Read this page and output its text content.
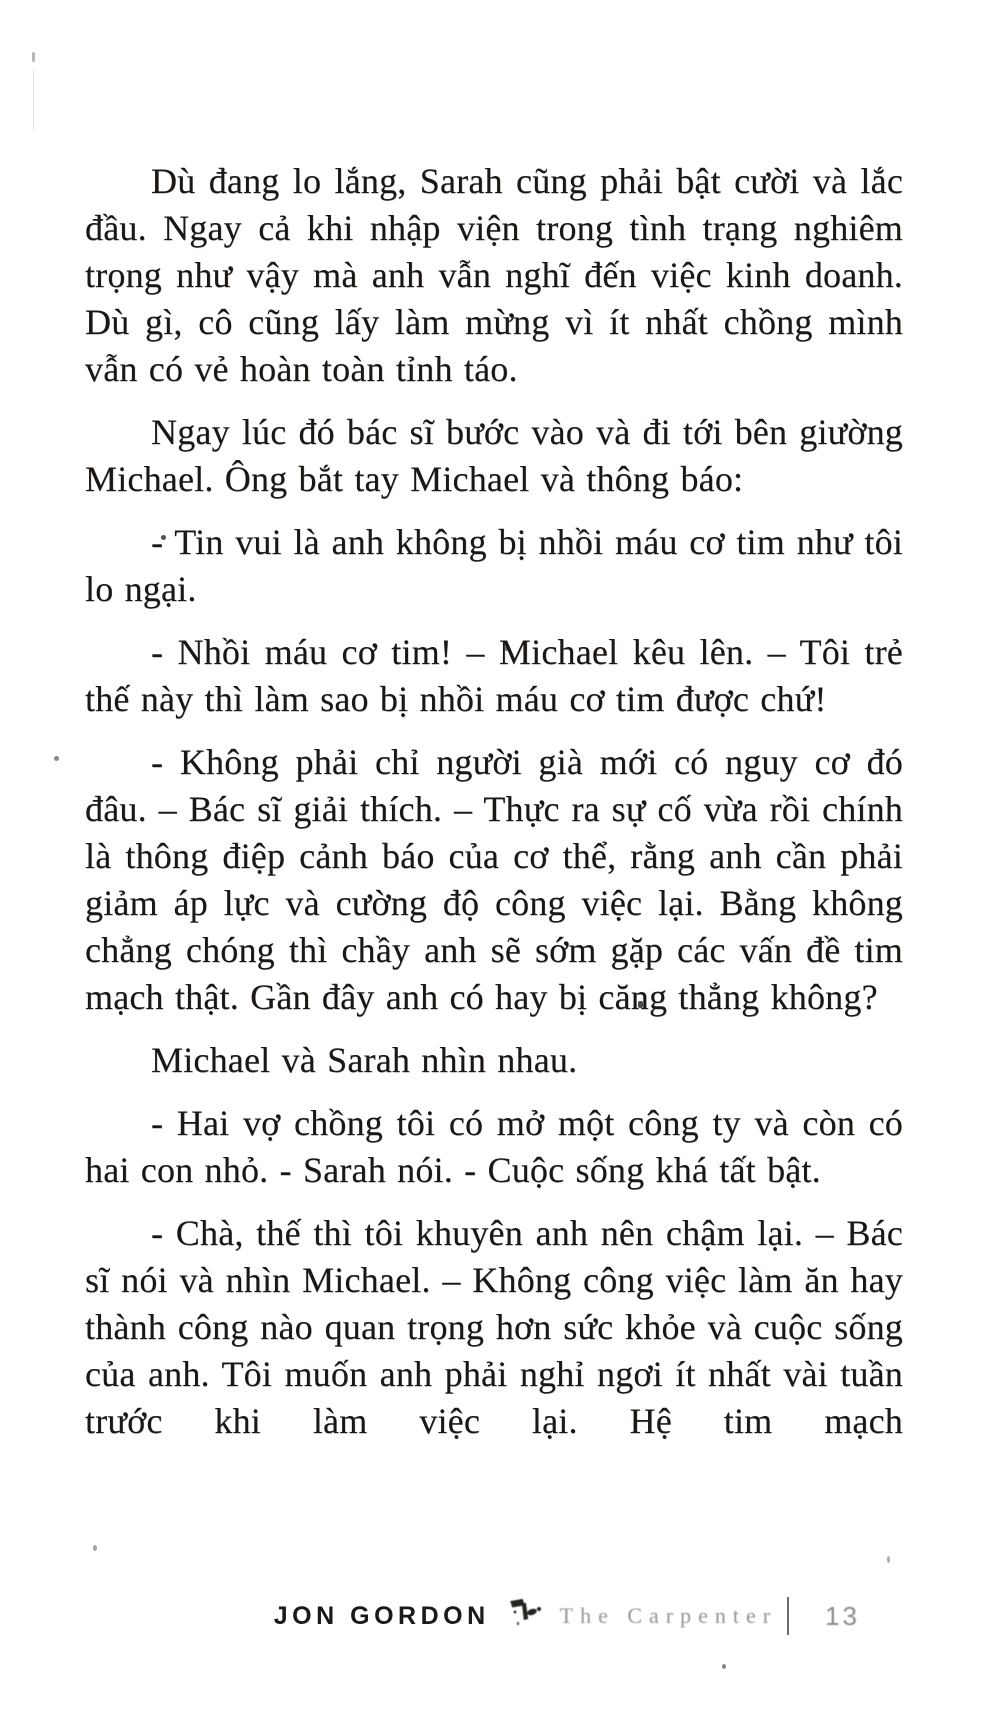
Dù đang lo lắng, Sarah cũng phải bật cười và lắc đầu. Ngay cả khi nhập viện trong tình trạng nghiêm trọng như vậy mà anh vẫn nghĩ đến việc kinh doanh. Dù gì, cô cũng lấy làm mừng vì ít nhất chồng mình vẫn có vẻ hoàn toàn tỉnh táo.

Ngay lúc đó bác sĩ bước vào và đi tới bên giường Michael. Ông bắt tay Michael và thông báo:

- Tin vui là anh không bị nhồi máu cơ tim như tôi lo ngại.

- Nhồi máu cơ tim! – Michael kêu lên. – Tôi trẻ thế này thì làm sao bị nhồi máu cơ tim được chứ!

- Không phải chỉ người già mới có nguy cơ đó đâu. – Bác sĩ giải thích. – Thực ra sự cố vừa rồi chính là thông điệp cảnh báo của cơ thể, rằng anh cần phải giảm áp lực và cường độ công việc lại. Bằng không chẳng chóng thì chầy anh sẽ sớm gặp các vấn đề tim mạch thật. Gần đây anh có hay bị căng thẳng không?

Michael và Sarah nhìn nhau.

- Hai vợ chồng tôi có mở một công ty và còn có hai con nhỏ. - Sarah nói. - Cuộc sống khá tất bật.

- Chà, thế thì tôi khuyên anh nên chậm lại. – Bác sĩ nói và nhìn Michael. – Không công việc làm ăn hay thành công nào quan trọng hơn sức khỏe và cuộc sống của anh. Tôi muốn anh phải nghỉ ngơi ít nhất vài tuần trước khi làm việc lại. Hệ tim mạch

JON GORDON	The Carpenter 13
